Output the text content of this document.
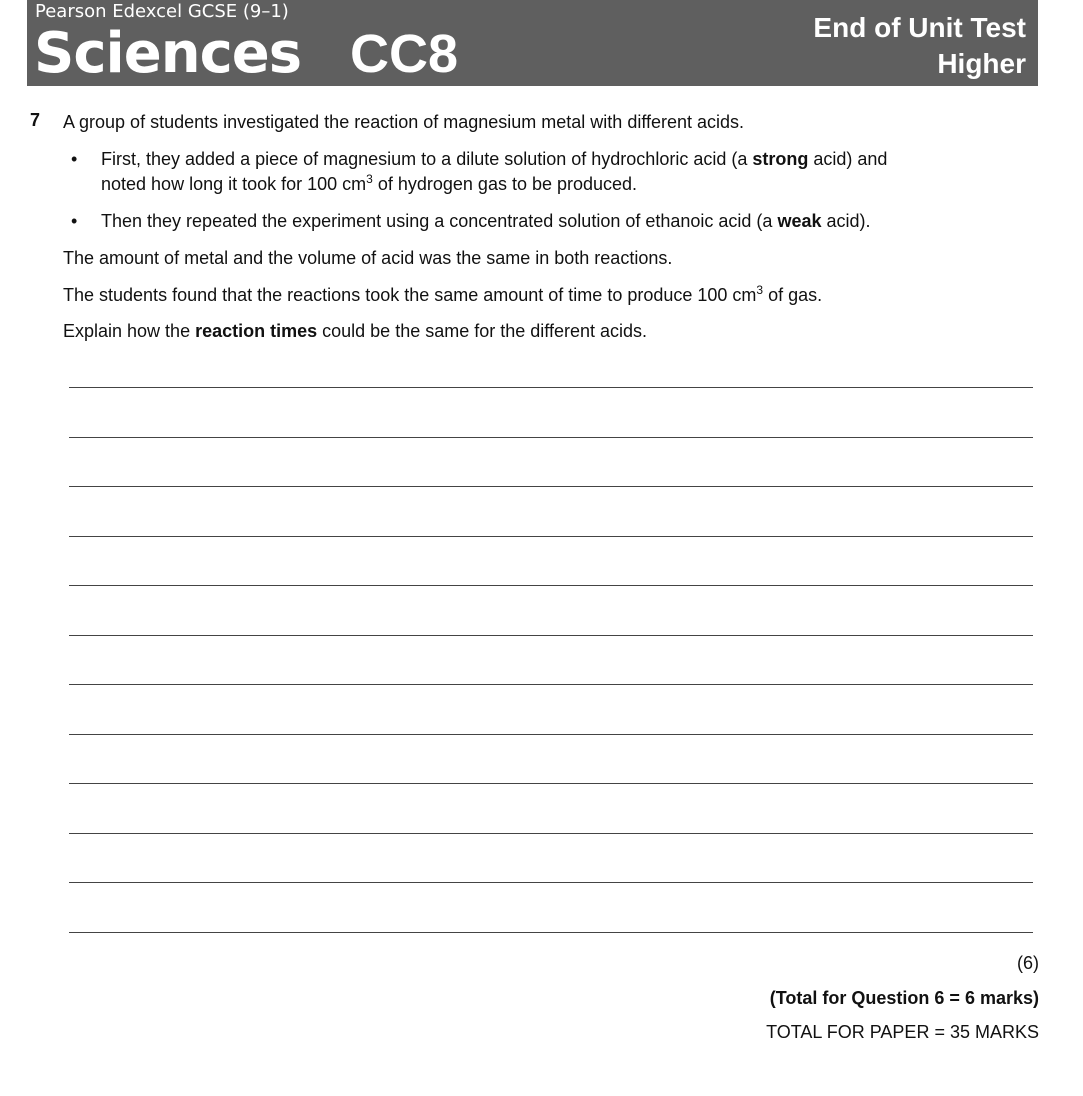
Pearson Edexcel GCSE (9–1)
Sciences CC8	End of Unit Test
Higher
7 A group of students investigated the reaction of magnesium metal with different acids.
• First, they added a piece of magnesium to a dilute solution of hydrochloric acid (a strong acid) and
noted how long it took for 100 $cm^3$ of hydrogen gas to be produced.
• Then they repeated the experiment using a concentrated solution of ethanoic acid (a weak acid).
The amount of metal and the volume of acid was the same in both reactions.
The students found that the reactions took the same amount of time to produce 100 $cm^3$ of gas.
Explain how the reaction times could be the same for the different acids.
(6)
(Total for Question 6 = 6 marks)
TOTAL FOR PAPER = 35 MARKS
